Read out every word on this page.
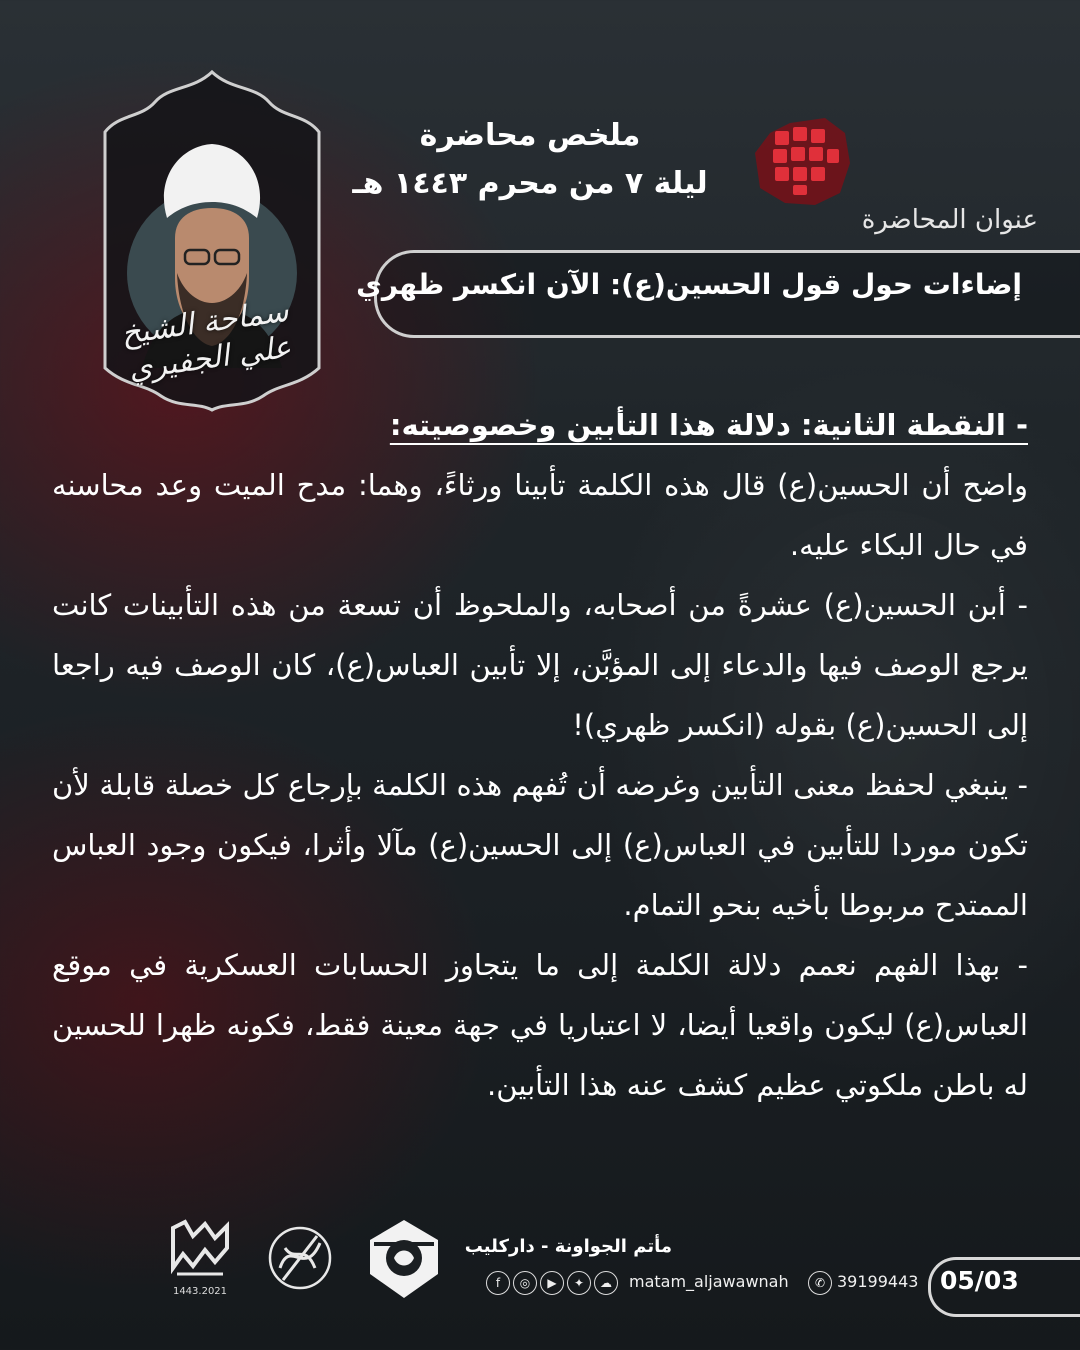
ملخص محاضرة
ليلة ٧ من محرم ١٤٤٣ هـ
سماحة الشيخ علي الجفيري
عنوان المحاضرة
إضاءات حول قول الحسين(ع): الآن انكسر ظهري

- النقطة الثانية: دلالة هذا التأبين وخصوصيته:

واضح أن الحسين(ع) قال هذه الكلمة تأبينا ورثاءً، وهما: مدح الميت وعد محاسنه في حال البكاء عليه.

- أبن الحسين(ع) عشرةً من أصحابه، والملحوظ أن تسعة من هذه التأبينات كانت يرجع الوصف فيها والدعاء إلى المؤبَّن، إلا تأبين العباس(ع)، كان الوصف فيه راجعا إلى الحسين(ع) بقوله (انكسر ظهري)!

- ينبغي لحفظ معنى التأبين وغرضه أن تُفهم هذه الكلمة بإرجاع كل خصلة قابلة لأن تكون موردا للتأبين في العباس(ع) إلى الحسين(ع) مآلا وأثرا، فيكون وجود العباس الممتدح مربوطا بأخيه بنحو التمام.

- بهذا الفهم نعمم دلالة الكلمة إلى ما يتجاوز الحسابات العسكرية في موقع العباس(ع) ليكون واقعيا أيضا، لا اعتباريا في جهة معينة فقط، فكونه ظهرا للحسين له باطن ملكوتي عظيم كشف عنه هذا التأبين.

1443.2021
مأتم الجواونة - داركليب
f	◎	▶	✦	☁	matam_aljawawnah	✆ 39199443 05/03
